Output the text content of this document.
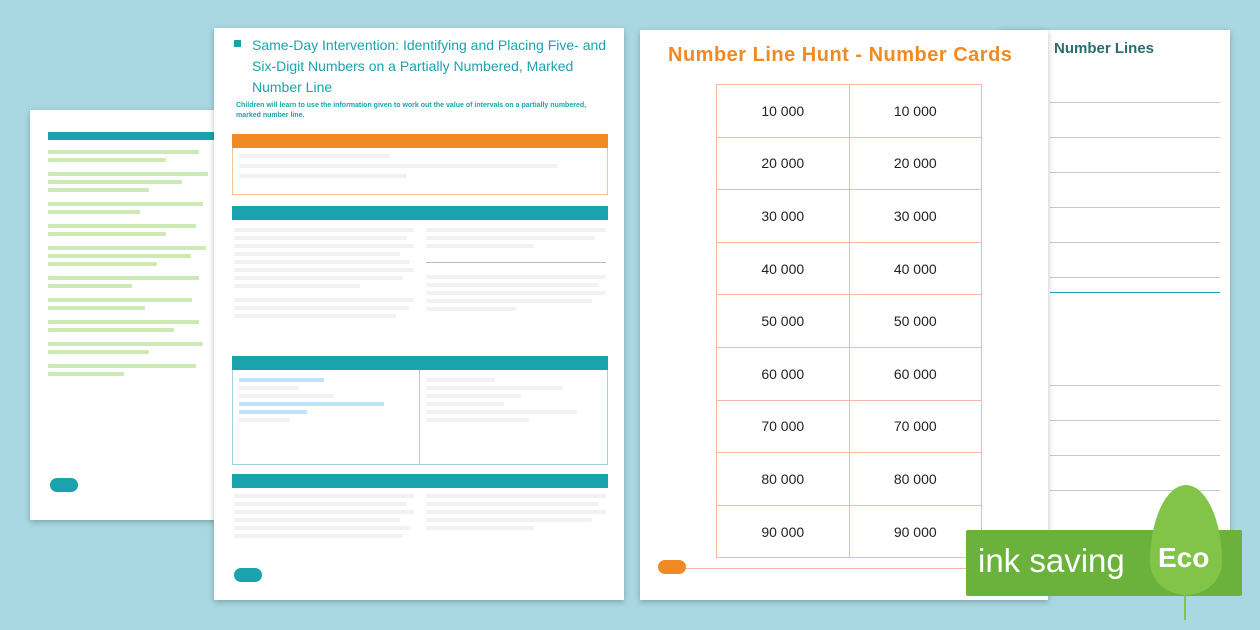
Number Lines
Same-Day Intervention: Identifying and Placing Five- and Six-Digit Numbers on a Partially Numbered, Marked Number Line
Children will learn to use the information given to work out the value of intervals on a partially numbered, marked number line.
Number Line Hunt - Number Cards
10 000	10 000
20 000	20 000
30 000	30 000
40 000	40 000
50 000	50 000
60 000	60 000
70 000	70 000
80 000	80 000
90 000	90 000
ink saving Eco
